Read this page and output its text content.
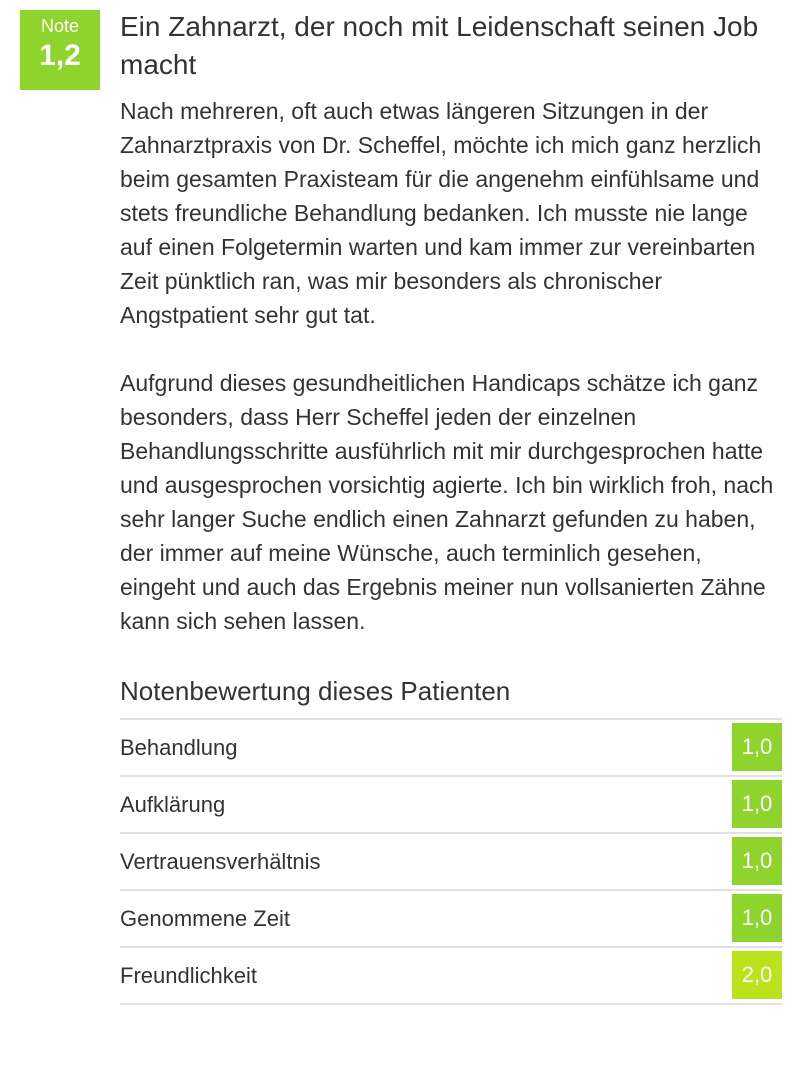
Note
1,2
Ein Zahnarzt, der noch mit Leidenschaft seinen Job macht

Nach mehreren, oft auch etwas längeren Sitzungen in der Zahnarztpraxis von Dr. Scheffel, möchte ich mich ganz herzlich beim gesamten Praxisteam für die angenehm einfühlsame und stets freundliche Behandlung bedanken. Ich musste nie lange auf einen Folgetermin warten und kam immer zur vereinbarten Zeit pünktlich ran, was mir besonders als chronischer Angstpatient sehr gut tat.

Aufgrund dieses gesundheitlichen Handicaps schätze ich ganz besonders, dass Herr Scheffel jeden der einzelnen Behandlungsschritte ausführlich mit mir durchgesprochen hatte und ausgesprochen vorsichtig agierte. Ich bin wirklich froh, nach sehr langer Suche endlich einen Zahnarzt gefunden zu haben, der immer auf meine Wünsche, auch terminlich gesehen, eingeht und auch das Ergebnis meiner nun vollsanierten Zähne kann sich sehen lassen.

Notenbewertung dieses Patienten
Behandlung	1,0
Aufklärung	1,0
Vertrauensverhältnis	1,0
Genommene Zeit	1,0
Freundlichkeit	2,0
